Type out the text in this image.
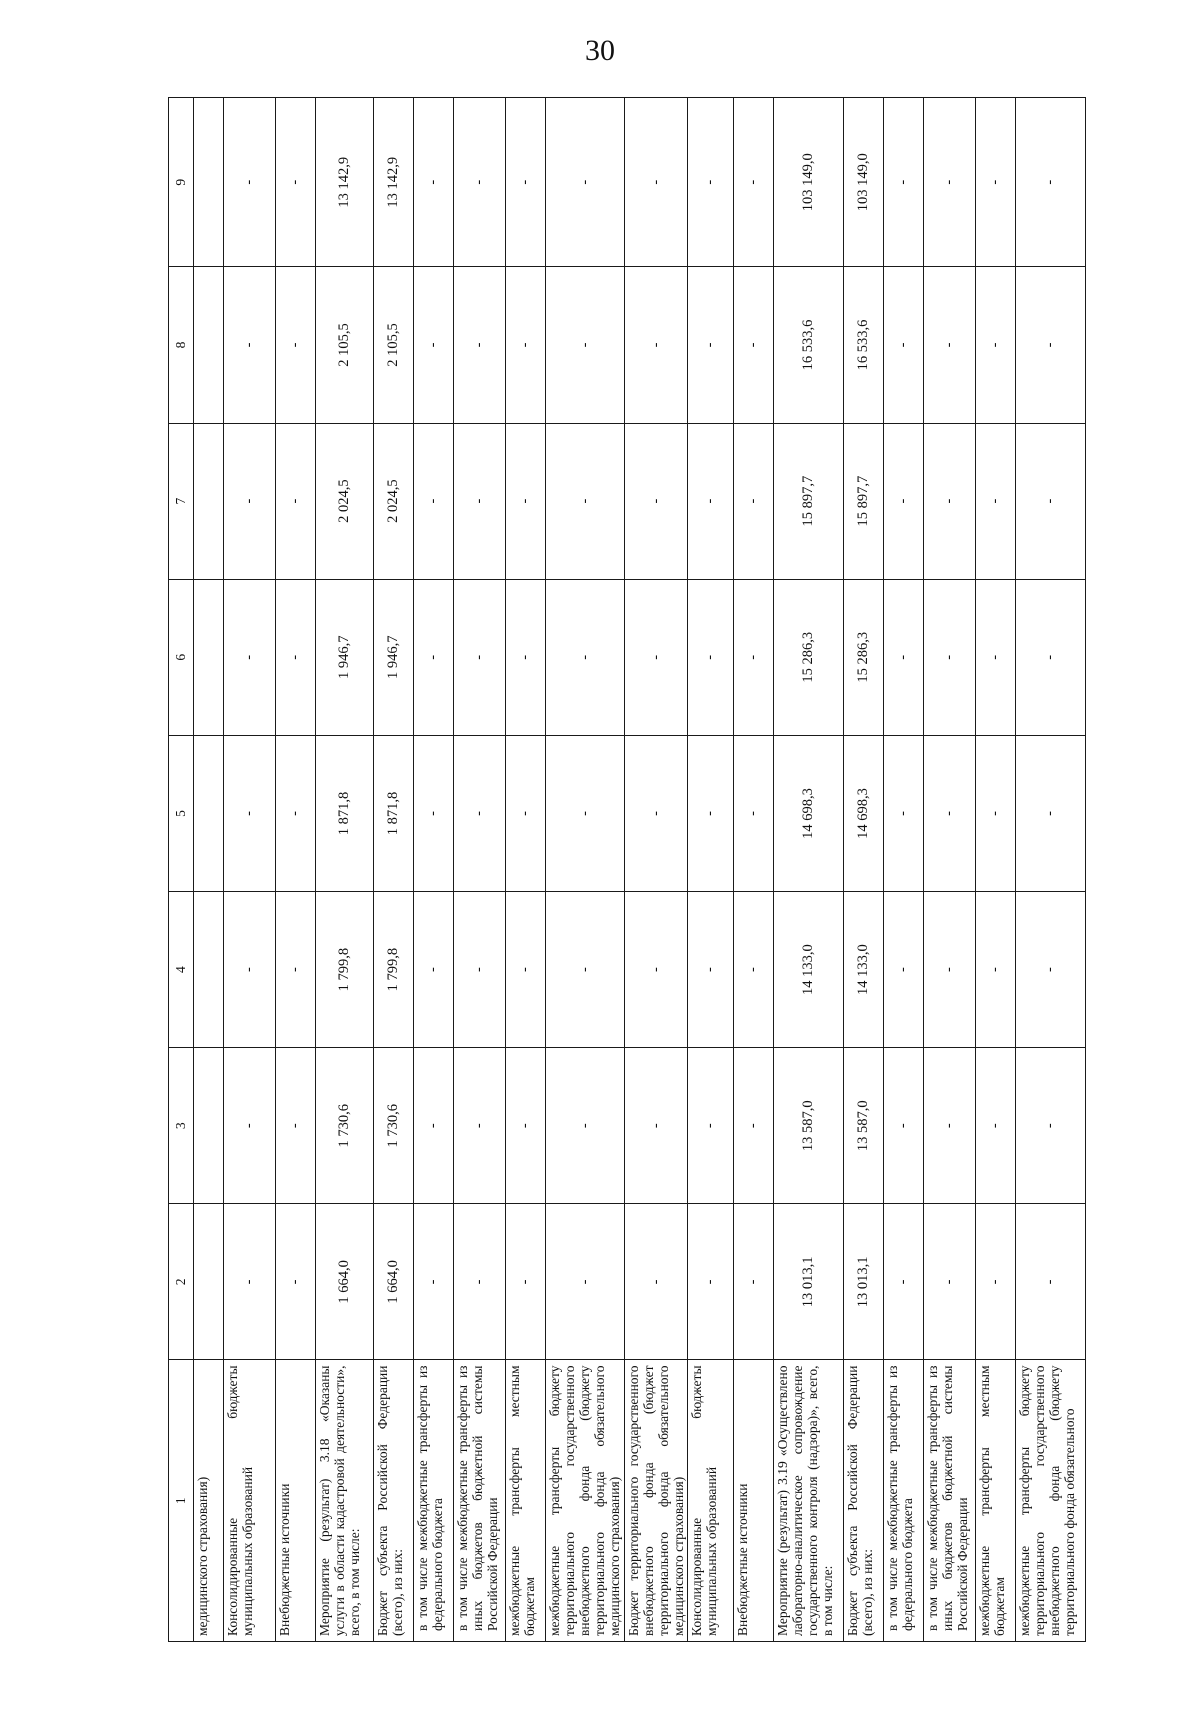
30
1	2	3	4	5	6	7	8	9
медицинского страхования)								
Консолидированные бюджеты муниципальных образований	-	-	-	-	-	-	-	-
Внебюджетные источники	-	-	-	-	-	-	-	-
Мероприятие (результат) 3.18 «Оказаны услуги в области кадастровой деятельности», всего, в том числе:	1 664,0	1 730,6	1 799,8	1 871,8	1 946,7	2 024,5	2 105,5	13 142,9
Бюджет субъекта Российской Федерации (всего), из них:	1 664,0	1 730,6	1 799,8	1 871,8	1 946,7	2 024,5	2 105,5	13 142,9
в том числе межбюджетные трансферты из федерального бюджета	-	-	-	-	-	-	-	-
в том числе межбюджетные трансферты из иных бюджетов бюджетной системы Российской Федерации	-	-	-	-	-	-	-	-
межбюджетные трансферты местным бюджетам	-	-	-	-	-	-	-	-
межбюджетные трансферты бюджету территориального государственного внебюджетного фонда (бюджету территориального фонда обязательного медицинского страхования)	-	-	-	-	-	-	-	-
Бюджет территориального государственного внебюджетного фонда (бюджет территориального фонда обязательного медицинского страхования)	-	-	-	-	-	-	-	-
Консолидированные бюджеты муниципальных образований	-	-	-	-	-	-	-	-
Внебюджетные источники	-	-	-	-	-	-	-	-
Мероприятие (результат) 3.19 «Осуществлено лабораторно-аналитическое сопровождение государственного контроля (надзора)», всего, в том числе:	13 013,1	13 587,0	14 133,0	14 698,3	15 286,3	15 897,7	16 533,6	103 149,0
Бюджет субъекта Российской Федерации (всего), из них:	13 013,1	13 587,0	14 133,0	14 698,3	15 286,3	15 897,7	16 533,6	103 149,0
в том числе межбюджетные трансферты из федерального бюджета	-	-	-	-	-	-	-	-
в том числе межбюджетные трансферты из иных бюджетов бюджетной системы Российской Федерации	-	-	-	-	-	-	-	-
межбюджетные трансферты местным бюджетам	-	-	-	-	-	-	-	-
межбюджетные трансферты бюджету территориального государственного внебюджетного фонда (бюджету территориального фонда обязательного	-	-	-	-	-	-	-	-
